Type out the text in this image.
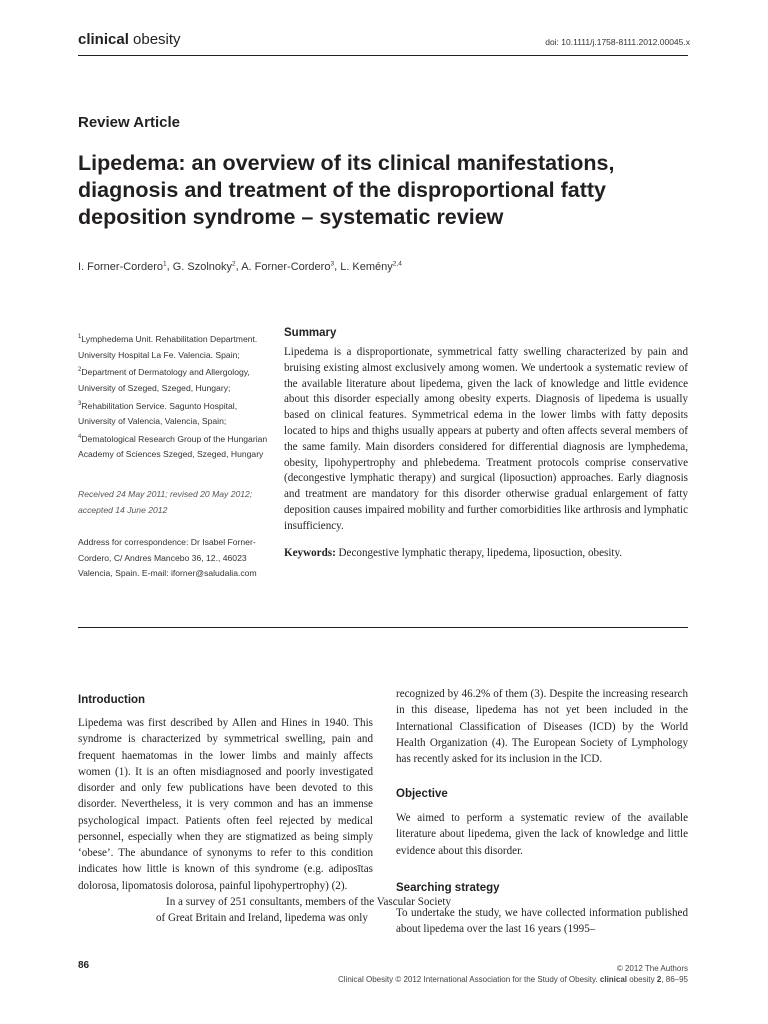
clinical obesity	doi: 10.1111/j.1758-8111.2012.00045.x
Review Article
Lipedema: an overview of its clinical manifestations, diagnosis and treatment of the disproportional fatty deposition syndrome – systematic review
I. Forner-Cordero$^1$, G. Szolnoky$^2$, A. Forner-Cordero$^3$, L. Kemény$^{2,4}$
$^1$Lymphedema Unit. Rehabilitation Department. University Hospital La Fe. Valencia. Spain; $^2$Department of Dermatology and Allergology, University of Szeged, Szeged, Hungary; $^3$Rehabilitation Service. Sagunto Hospital, University of Valencia, Valencia, Spain; $^4$Dematological Research Group of the Hungarian Academy of Sciences Szeged, Szeged, Hungary
Received 24 May 2011; revised 20 May 2012; accepted 14 June 2012
Address for correspondence: Dr Isabel Forner-Cordero, C/ Andres Mancebo 36, 12., 46023 Valencia, Spain. E-mail: iforner@saludalia.com
Summary
Lipedema is a disproportionate, symmetrical fatty swelling characterized by pain and bruising existing almost exclusively among women. We undertook a systematic review of the available literature about lipedema, given the lack of knowledge and little evidence about this disorder especially among obesity experts. Diagnosis of lipedema is usually based on clinical features. Symmetrical edema in the lower limbs with fatty deposits located to hips and thighs usually appears at puberty and often affects several members of the same family. Main disorders considered for differential diagnosis are lymphedema, obesity, lipohypertrophy and phlebedema. Treatment protocols comprise conservative (decongestive lymphatic therapy) and surgical (liposuction) approaches. Early diagnosis and treatment are mandatory for this disorder otherwise gradual enlargement of fatty deposition causes impaired mobility and further comorbidities like arthrosis and lymphatic insufficiency.
Keywords: Decongestive lymphatic therapy, lipedema, liposuction, obesity.
Introduction
Lipedema was first described by Allen and Hines in 1940. This syndrome is characterized by symmetrical swelling, pain and frequent haematomas in the lower limbs and mainly affects women (1). It is an often misdiagnosed and poorly investigated disorder and only few publications have been devoted to this disorder. Nevertheless, it is very common and has an immense psychological impact. Patients often feel rejected by medical personnel, especially when they are stigmatized as being simply ‘obese’. The abundance of synonyms to refer to this condition indicates how little is known of this syndrome (e.g. adiposītas dolorosa, lipomatosis dolorosa, painful lipohypertrophy) (2).
In a survey of 251 consultants, members of the Vascular Society of Great Britain and Ireland, lipedema was only
recognized by 46.2% of them (3). Despite the increasing research in this disease, lipedema has not yet been included in the International Classification of Diseases (ICD) by the World Health Organization (4). The European Society of Lymphology has recently asked for its inclusion in the ICD.
Objective
We aimed to perform a systematic review of the available literature about lipedema, given the lack of knowledge and little evidence about this disorder.
Searching strategy
To undertake the study, we have collected information published about lipedema over the last 16 years (1995–
86	© 2012 The Authors
Clinical Obesity © 2012 International Association for the Study of Obesity. clinical obesity 2, 86–95
